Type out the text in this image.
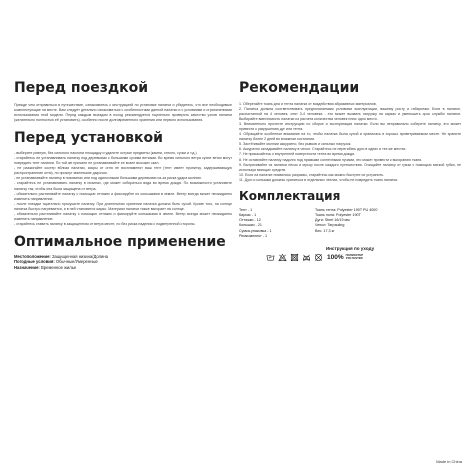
Перед поездкой

Прежде чем отправиться в путешествие, ознакомьтесь с инструкцией по установке палатки и убедитесь, что все необходимые комплектующие на месте. Вам следует детально ознакомиться с особенностями данной палатки и с условиями и ограничениями использования этой модели. Перед каждым выездом в поход рекомендуется тщательно проверять качество узлов палатки (желательно полностью её установить), особенно после долговременного хранения или первого использования.

Перед установкой

- выберите ровную, без сильного наклона площадку и удалите острые предметы (камни, стекло, сучки и т.д.)

- старайтесь не устанавливать палатку под деревьями с большими сухими ветками. Во время сильного ветра сухие ветки могут повредить тент палатки. По той же причине не устанавливайте ее возле высоких скал.

- не разжигайте костер вблизи палатки, искры от огня не воспламенят ваш тент (тент имеет пропитку, задерживающую распространение огня), но прожгут маленькие дырочки.

- не устанавливайте палатку в низовинах или под одиночными большими деревьями из-за риска удара молнии.

- старайтесь не устанавливать палатку в низинах, где может собираться вода во время дождя. По возможности установите палатку так, чтобы она была защищена от ветра.

- обязательно растягивайте палатку с помощью оттяжек и фиксируйте их колышками в земле. Ветер всегда может неожиданно изменить направление.

- после поездки тщательно просушите палатку. При длительном хранении палатка должна быть сухой. Кроме того, на солнце палатка быстро нагревается, и в ней становится жарко. Материал палатки также выгорает на солнце.

- обязательно растягивайте палатку с помощью оттяжек и фиксируйте колышками в земле. Ветер всегда может неожиданно изменить направление.

- старайтесь ставить палатку в защищенном от ветра месте, но без риска падения с подветренной стороны.

Оптимальное применение
Местоположение: Защищенная низина/Долина
Погодные условия: Обычные/Умеренные
Назначение: Временное жилье
Рекомендации

1. Оберегайте ткань дна и тента палатки от воздействия абразивных материалов.

2. Палатка должна соответствовать предполагаемым условиям эксплуатации, вашему росту и габаритам. Если в палатке, рассчитанной на 4 человек, спят 3-4 человека - это может вызвать нагрузку на каркас и уменьшить срок службы палатки. Выбирайте вместимость палатки из расчета количества человек плюс одно место.

3. Внимательно прочтите инструкцию по сборке и эксплуатации палатки. Если вы неправильно соберете палатку, это может привести к разрушению дуг или тента.

4. Обращайте особенное внимание на то, чтобы палатка была сухой и хранилась в хорошо проветриваемом месте. Не храните палатку более 2 дней во влажном состоянии.

5. Застёгивайте молнии аккуратно, без рывков и сильных нагрузок.

6. Аккуратно складывайте палатку в чехол. Старайтесь не перегибать дуги в одних и тех же местах.

7. Не прикасайтесь к внутренней поверхности тента во время дождя.

8. Не оставляйте палатку надолго под прямыми солнечными лучами, это может привести к выгоранию ткани.

9. Вытряхивайте из палатки песок и мусор после каждого путешествия. Очищайте палатку от грязи с помощью мягкой губки, не используя моющих средств.

10. Если на палатке появились разрывы, старайтесь как можно быстрее их устранить.

11. Дуги и колышки должны храниться в отдельных чехлах, чтобы не повредить ткань палатки.

Комплектация
Тент - 1
Каркас - 1
Оттяжки - 12
Колышки - 21
Сумка-упаковка - 1
Ремкомплект - 1
Ткань тента: Polyester 190T PU 4000
Ткань пола: Polyester 190T
Дуги: Steel 16/19 мм
Чехол: Tarpauling
Вес: 17,3 кг
Инструкция по уходу
100% ПОЛИЭСТЕР
POLYESTER
Made in China
